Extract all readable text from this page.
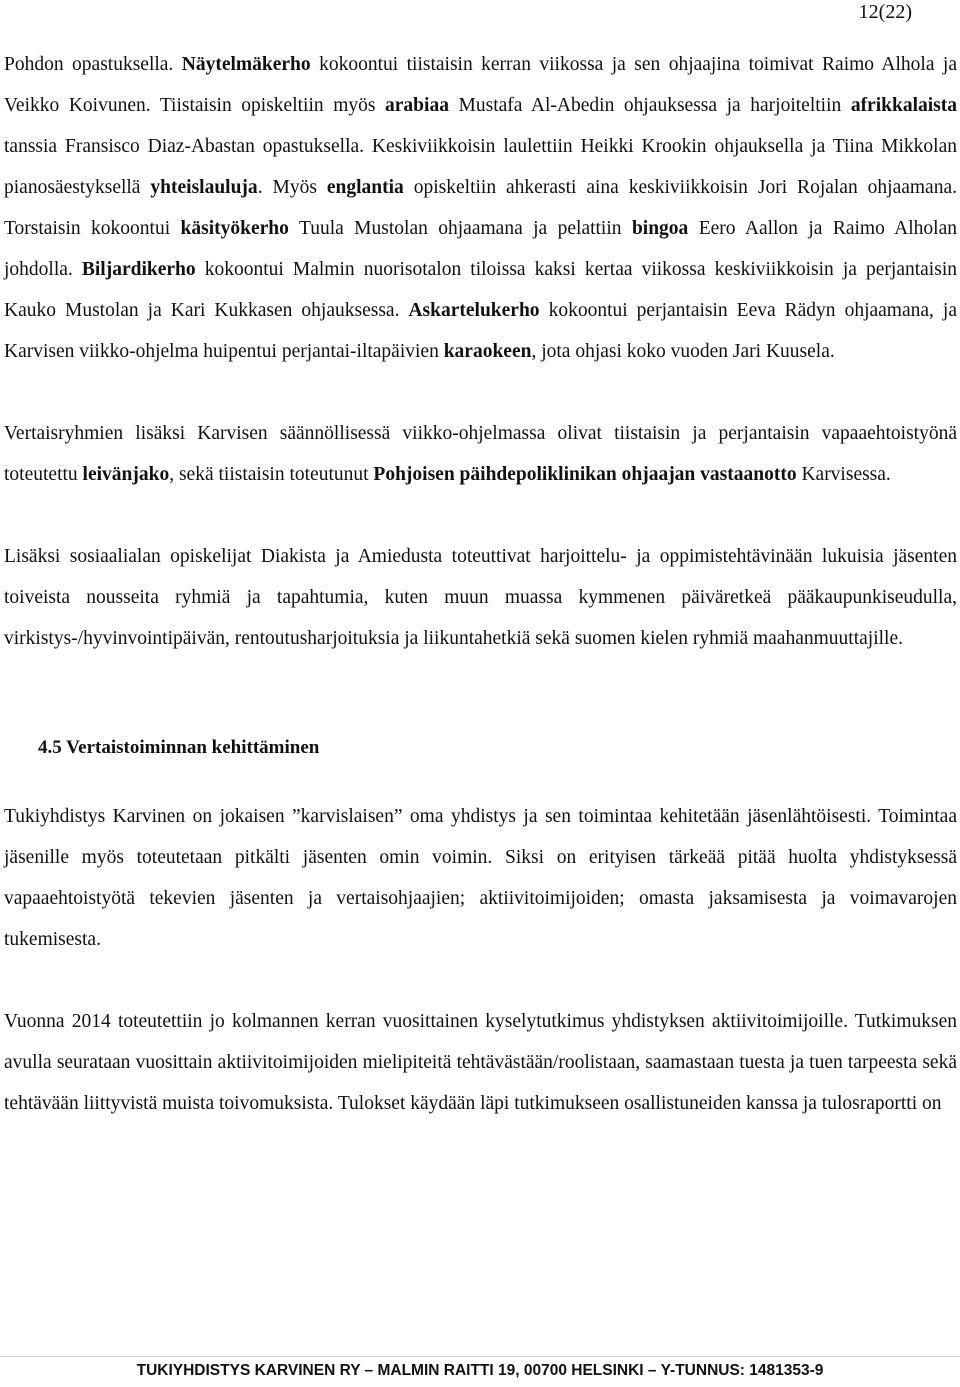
12(22)

Pohdon opastuksella. Näytelmäkerho kokoontui tiistaisin kerran viikossa ja sen ohjaajina toimivat Raimo Alhola ja Veikko Koivunen. Tiistaisin opiskeltiin myös arabiaa Mustafa Al-Abedin ohjauksessa ja harjoiteltiin afrikkalaista tanssia Fransisco Diaz-Abastan opastuksella. Keskiviikkoisin laulettiin Heikki Krookin ohjauksella ja Tiina Mikkolan pianosäestyksellä yhteislauluja. Myös englantia opiskeltiin ahkerasti aina keskiviikkoisin Jori Rojalan ohjaamana. Torstaisin kokoontui käsityökerho Tuula Mustolan ohjaamana ja pelattiin bingoa Eero Aallon ja Raimo Alholan johdolla. Biljardikerho kokoontui Malmin nuorisotalon tiloissa kaksi kertaa viikossa keskiviikkoisin ja perjantaisin Kauko Mustolan ja Kari Kukkasen ohjauksessa. Askartelukerho kokoontui perjantaisin Eeva Rädyn ohjaamana, ja Karvisen viikko-ohjelma huipentui perjantai-iltapäivien karaokeen, jota ohjasi koko vuoden Jari Kuusela.

Vertaisryhmien lisäksi Karvisen säännöllisessä viikko-ohjelmassa olivat tiistaisin ja perjantaisin vapaaehtoistyönä toteutettu leivänjako, sekä tiistaisin toteutunut Pohjoisen päihdepoliklinikan ohjaajan vastaanotto Karvisessa.

Lisäksi sosiaalialan opiskelijat Diakista ja Amiedusta toteuttivat harjoittelu- ja oppimistehtävinään lukuisia jäsenten toiveista nousseita ryhmiä ja tapahtumia, kuten muun muassa kymmenen päiväretkeä pääkaupunkiseudulla, virkistys-/hyvinvointipäivän, rentoutusharjoituksia ja liikuntahetkiä sekä suomen kielen ryhmiä maahanmuuttajille.

4.5 Vertaistoiminnan kehittäminen

Tukiyhdistys Karvinen on jokaisen ”karvislaisen” oma yhdistys ja sen toimintaa kehitetään jäsenlähtöisesti. Toimintaa jäsenille myös toteutetaan pitkälti jäsenten omin voimin. Siksi on erityisen tärkeää pitää huolta yhdistyksessä vapaaehtoistyötä tekevien jäsenten ja vertaisohjaajien; aktiivitoimijoiden; omasta jaksamisesta ja voimavarojen tukemisesta.

Vuonna 2014 toteutettiin jo kolmannen kerran vuosittainen kyselytutkimus yhdistyksen aktiivitoimijoille. Tutkimuksen avulla seurataan vuosittain aktiivitoimijoiden mielipiteitä tehtävästään/roolistaan, saamastaan tuesta ja tuen tarpeesta sekä tehtävään liittyvistä muista toivomuksista. Tulokset käydään läpi tutkimukseen osallistuneiden kanssa ja tulosraportti on

TUKIYHDISTYS KARVINEN RY – MALMIN RAITTI 19, 00700 HELSINKI – Y-TUNNUS: 1481353-9
